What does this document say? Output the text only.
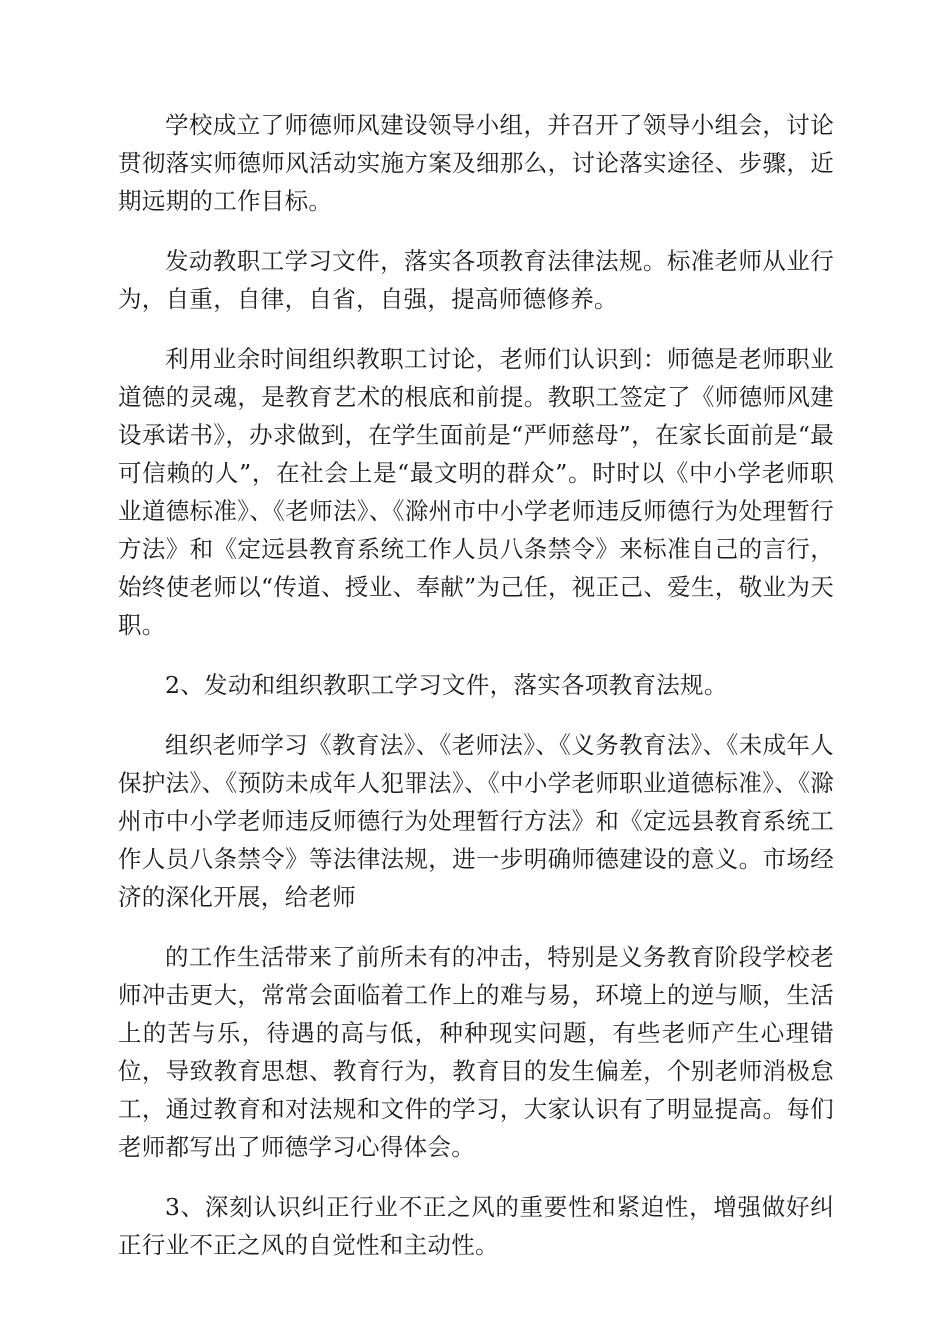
学校成立了师德师风建设领导小组，并召开了领导小组会，讨论贯彻落实师德师风活动实施方案及细那么，讨论落实途径、步骤，近期远期的工作目标。

发动教职工学习文件，落实各项教育法律法规。标准老师从业行为，自重，自律，自省，自强，提高师德修养。

利用业余时间组织教职工讨论，老师们认识到：师德是老师职业道德的灵魂，是教育艺术的根底和前提。教职工签定了《师德师风建设承诺书》，办求做到，在学生面前是“严师慈母”，在家长面前是“最可信赖的人”，在社会上是“最文明的群众”。时时以《中小学老师职业道德标准》、《老师法》、《滁州市中小学老师违反师德行为处理暂行方法》和《定远县教育系统工作人员八条禁令》来标准自己的言行，始终使老师以“传道、授业、奉献”为己任，视正己、爱生，敬业为天职。

2、发动和组织教职工学习文件，落实各项教育法规。

组织老师学习《教育法》、《老师法》、《义务教育法》、《未成年人保护法》、《预防未成年人犯罪法》、《中小学老师职业道德标准》、《滁州市中小学老师违反师德行为处理暂行方法》和《定远县教育系统工作人员八条禁令》等法律法规，进一步明确师德建设的意义。市场经济的深化开展，给老师

的工作生活带来了前所未有的冲击，特别是义务教育阶段学校老师冲击更大，常常会面临着工作上的难与易，环境上的逆与顺，生活上的苦与乐，待遇的高与低，种种现实问题，有些老师产生心理错位，导致教育思想、教育行为，教育目的发生偏差，个别老师消极怠工，通过教育和对法规和文件的学习，大家认识有了明显提高。每们老师都写出了师德学习心得体会。

3、深刻认识纠正行业不正之风的重要性和紧迫性，增强做好纠正行业不正之风的自觉性和主动性。
